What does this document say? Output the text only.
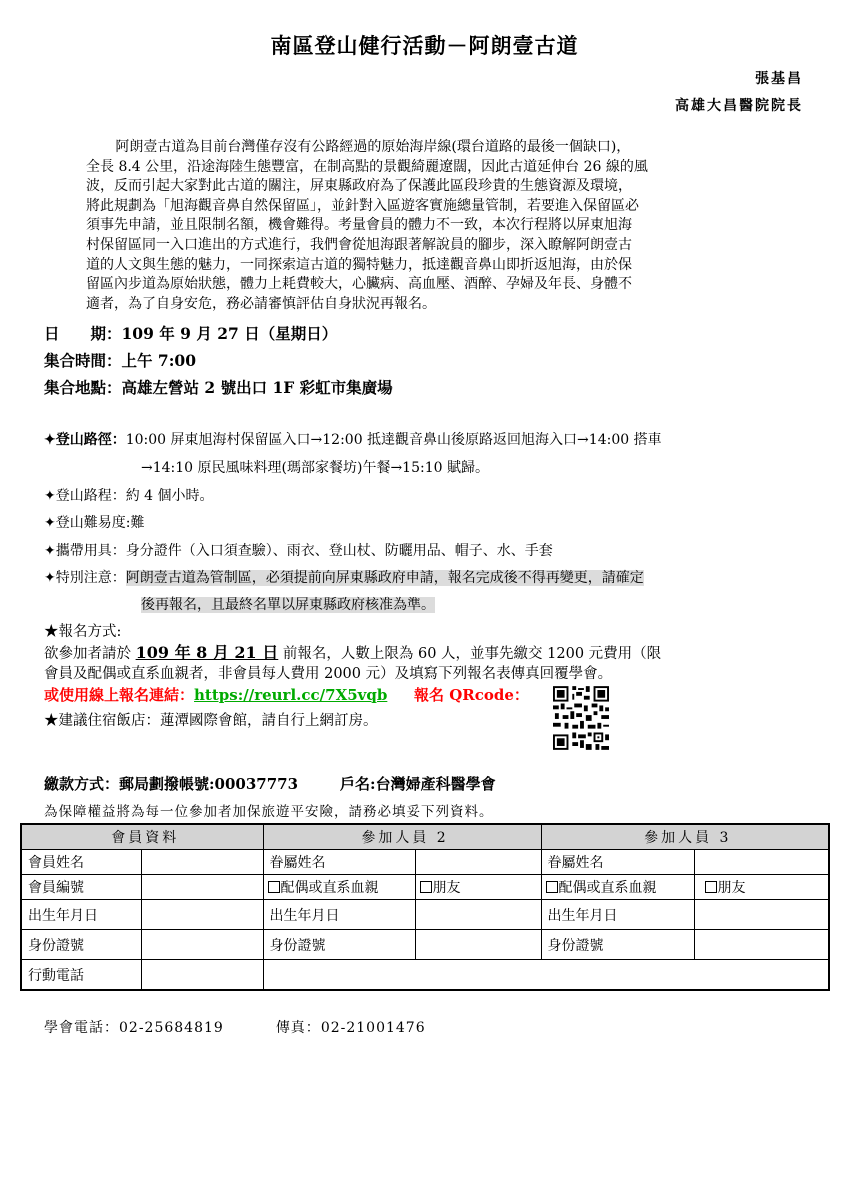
南區登山健行活動－阿朗壹古道
張基昌
高雄大昌醫院院長
阿朗壹古道為目前台灣僅存沒有公路經過的原始海岸線(環台道路的最後一個缺口)，
全長 8.4 公里，沿途海陸生態豐富，在制高點的景觀綺麗遼闊，因此古道延伸台 26 線的風
波，反而引起大家對此古道的關注，屏東縣政府為了保護此區段珍貴的生態資源及環境，
將此規劃為「旭海觀音鼻自然保留區」，並針對入區遊客實施總量管制，若要進入保留區必
須事先申請，並且限制名額，機會難得。考量會員的體力不一致，本次行程將以屏東旭海
村保留區同一入口進出的方式進行，我們會從旭海跟著解說員的腳步，深入瞭解阿朗壹古
道的人文與生態的魅力，一同探索這古道的獨特魅力，抵達觀音鼻山即折返旭海，由於保
留區內步道為原始狀態，體力上耗費較大，心臟病、高血壓、酒醉、孕婦及年長、身體不
適者，為了自身安危，務必請審慎評估自身狀況再報名。
日　　期：109 年 9 月 27 日（星期日）
集合時間：上午 7:00
集合地點：高雄左營站 2 號出口 1F 彩虹市集廣場
✦登山路徑：10:00 屏東旭海村保留區入口→12:00 抵達觀音鼻山後原路返回旭海入口→14:00 搭車
→14:10 原民風味料理(瑪部家餐坊)午餐→15:10 賦歸。
✦登山路程：約 4 個小時。
✦登山難易度:難
✦攜帶用具：身分證件（入口須查驗）、雨衣、登山杖、防曬用品、帽子、水、手套
✦特別注意：阿朗壹古道為管制區，必須提前向屏東縣政府申請，報名完成後不得再變更，請確定
後再報名，且最終名單以屏東縣政府核准為準。
★報名方式:
欲參加者請於 109 年 8 月 21 日 前報名，人數上限為 60 人，並事先繳交 1200 元費用（限
會員及配偶或直系血親者，非會員每人費用 2000 元）及填寫下列報名表傳真回覆學會。
或使用線上報名連結：https://reurl.cc/7X5vqb 報名 QRcode：
★建議住宿飯店：蓮潭國際會館，請自行上網訂房。
繳款方式：郵局劃撥帳號:00037773	戶名:台灣婦產科醫學會
為保障權益將為每一位參加者加保旅遊平安險，請務必填妥下列資料。
會員資料		參加人員 2		參加人員 3	
會員姓名		眷屬姓名		眷屬姓名	
會員編號		配偶或直系血親	朋友	配偶或直系血親	朋友
出生年月日		出生年月日		出生年月日	
身份證號		身份證號		身份證號	
行動電話					
學會電話：02-25684819	傳真：02-21001476
